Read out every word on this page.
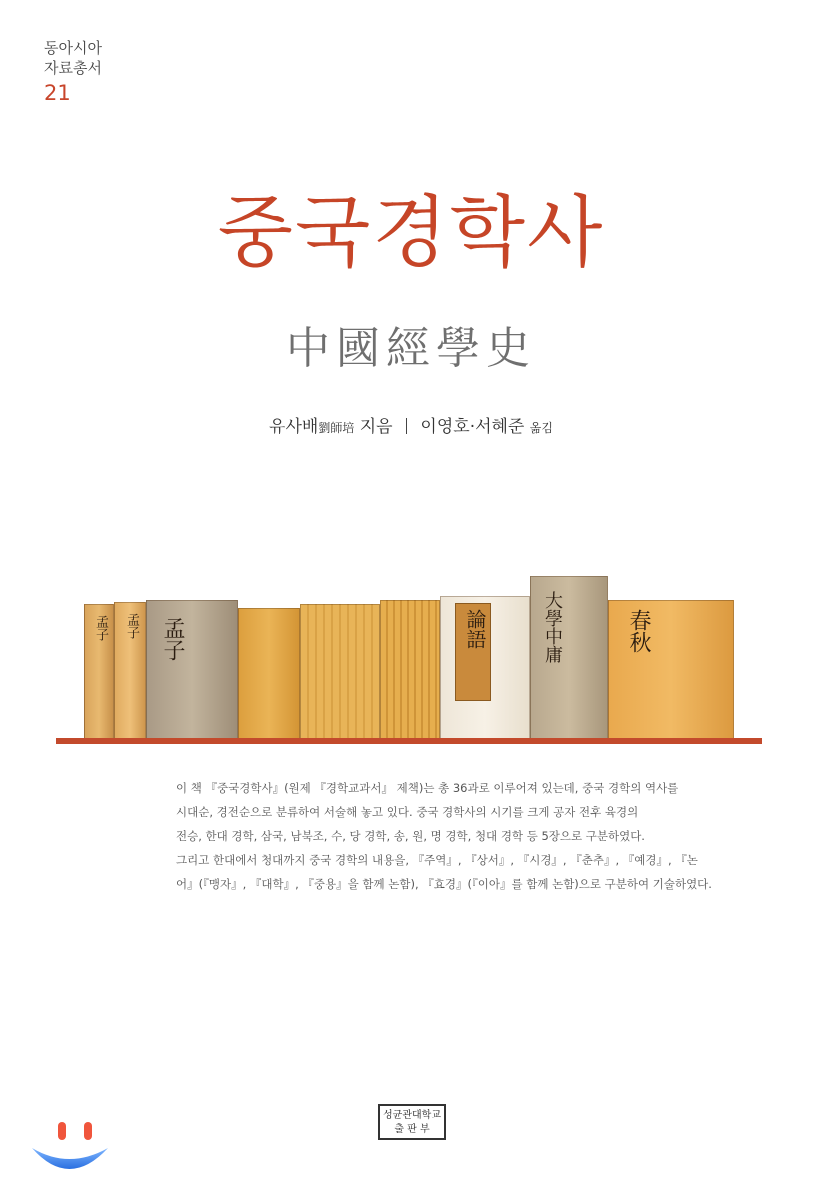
동아시아
자료총서
21
중국경학사
中國經學史
유사배劉師培 지음 이영호·서혜준 옮김
孟子 孟子 孟子	論語	大學中庸	春秋

이 책 『중국경학사』(원제 『경학교과서』 제책)는 총 36과로 이루어져 있는데, 중국 경학의 역사를

시대순, 경전순으로 분류하여 서술해 놓고 있다. 중국 경학사의 시기를 크게 공자 전후 육경의

전승, 한대 경학, 삼국, 남북조, 수, 당 경학, 송, 원, 명 경학, 청대 경학 등 5장으로 구분하였다.

그리고 한대에서 청대까지 중국 경학의 내용을, 『주역』, 『상서』, 『시경』, 『춘추』, 『예경』, 『논

어』(『맹자』, 『대학』, 『중용』을 함께 논함), 『효경』(『이아』를 함께 논함)으로 구분하여 기술하였다.

성균관대학교
출 판 부
